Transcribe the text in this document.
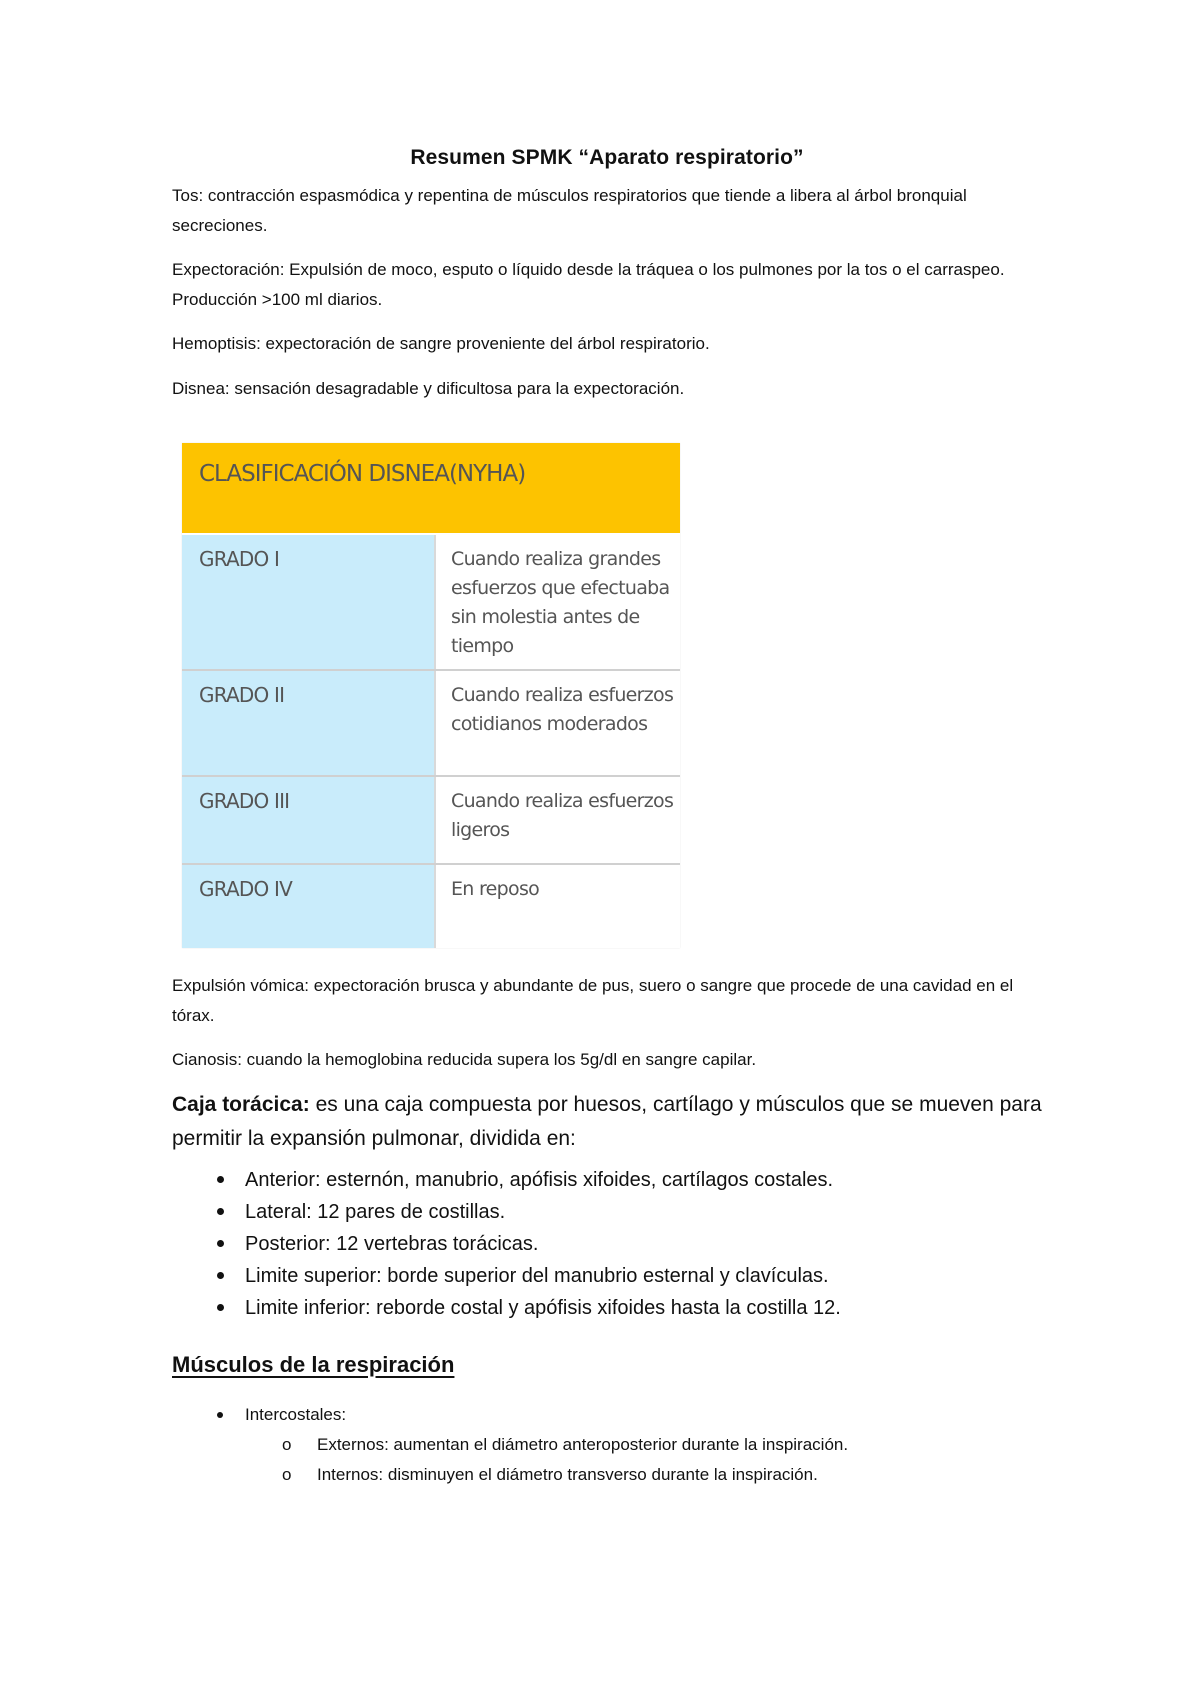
Resumen SPMK “Aparato respiratorio”

Tos: contracción espasmódica y repentina de músculos respiratorios que tiende a libera al árbol bronquial secreciones.

Expectoración: Expulsión de moco, esputo o líquido desde la tráquea o los pulmones por la tos o el carraspeo. Producción >100 ml diarios.

Hemoptisis: expectoración de sangre proveniente del árbol respiratorio.

Disnea: sensación desagradable y dificultosa para la expectoración.

CLASIFICACIÓN DISNEA(NYHA)
GRADO I	Cuando realiza grandes esfuerzos que efectuaba sin molestia antes de tiempo
GRADO II	Cuando realiza esfuerzos cotidianos moderados
GRADO III	Cuando realiza esfuerzos ligeros
GRADO IV	En reposo

Expulsión vómica: expectoración brusca y abundante de pus, suero o sangre que procede de una cavidad en el tórax.

Cianosis: cuando la hemoglobina reducida supera los 5g/dl en sangre capilar.

Caja torácica: es una caja compuesta por huesos, cartílago y músculos que se mueven para permitir la expansión pulmonar, dividida en:
Anterior: esternón, manubrio, apófisis xifoides, cartílagos costales.
Lateral: 12 pares de costillas.
Posterior: 12 vertebras torácicas.
Limite superior: borde superior del manubrio esternal y clavículas.
Limite inferior: reborde costal y apófisis xifoides hasta la costilla 12.
Músculos de la respiración
Intercostales:
o Externos: aumentan el diámetro anteroposterior durante la inspiración.
o Internos: disminuyen el diámetro transverso durante la inspiración.
